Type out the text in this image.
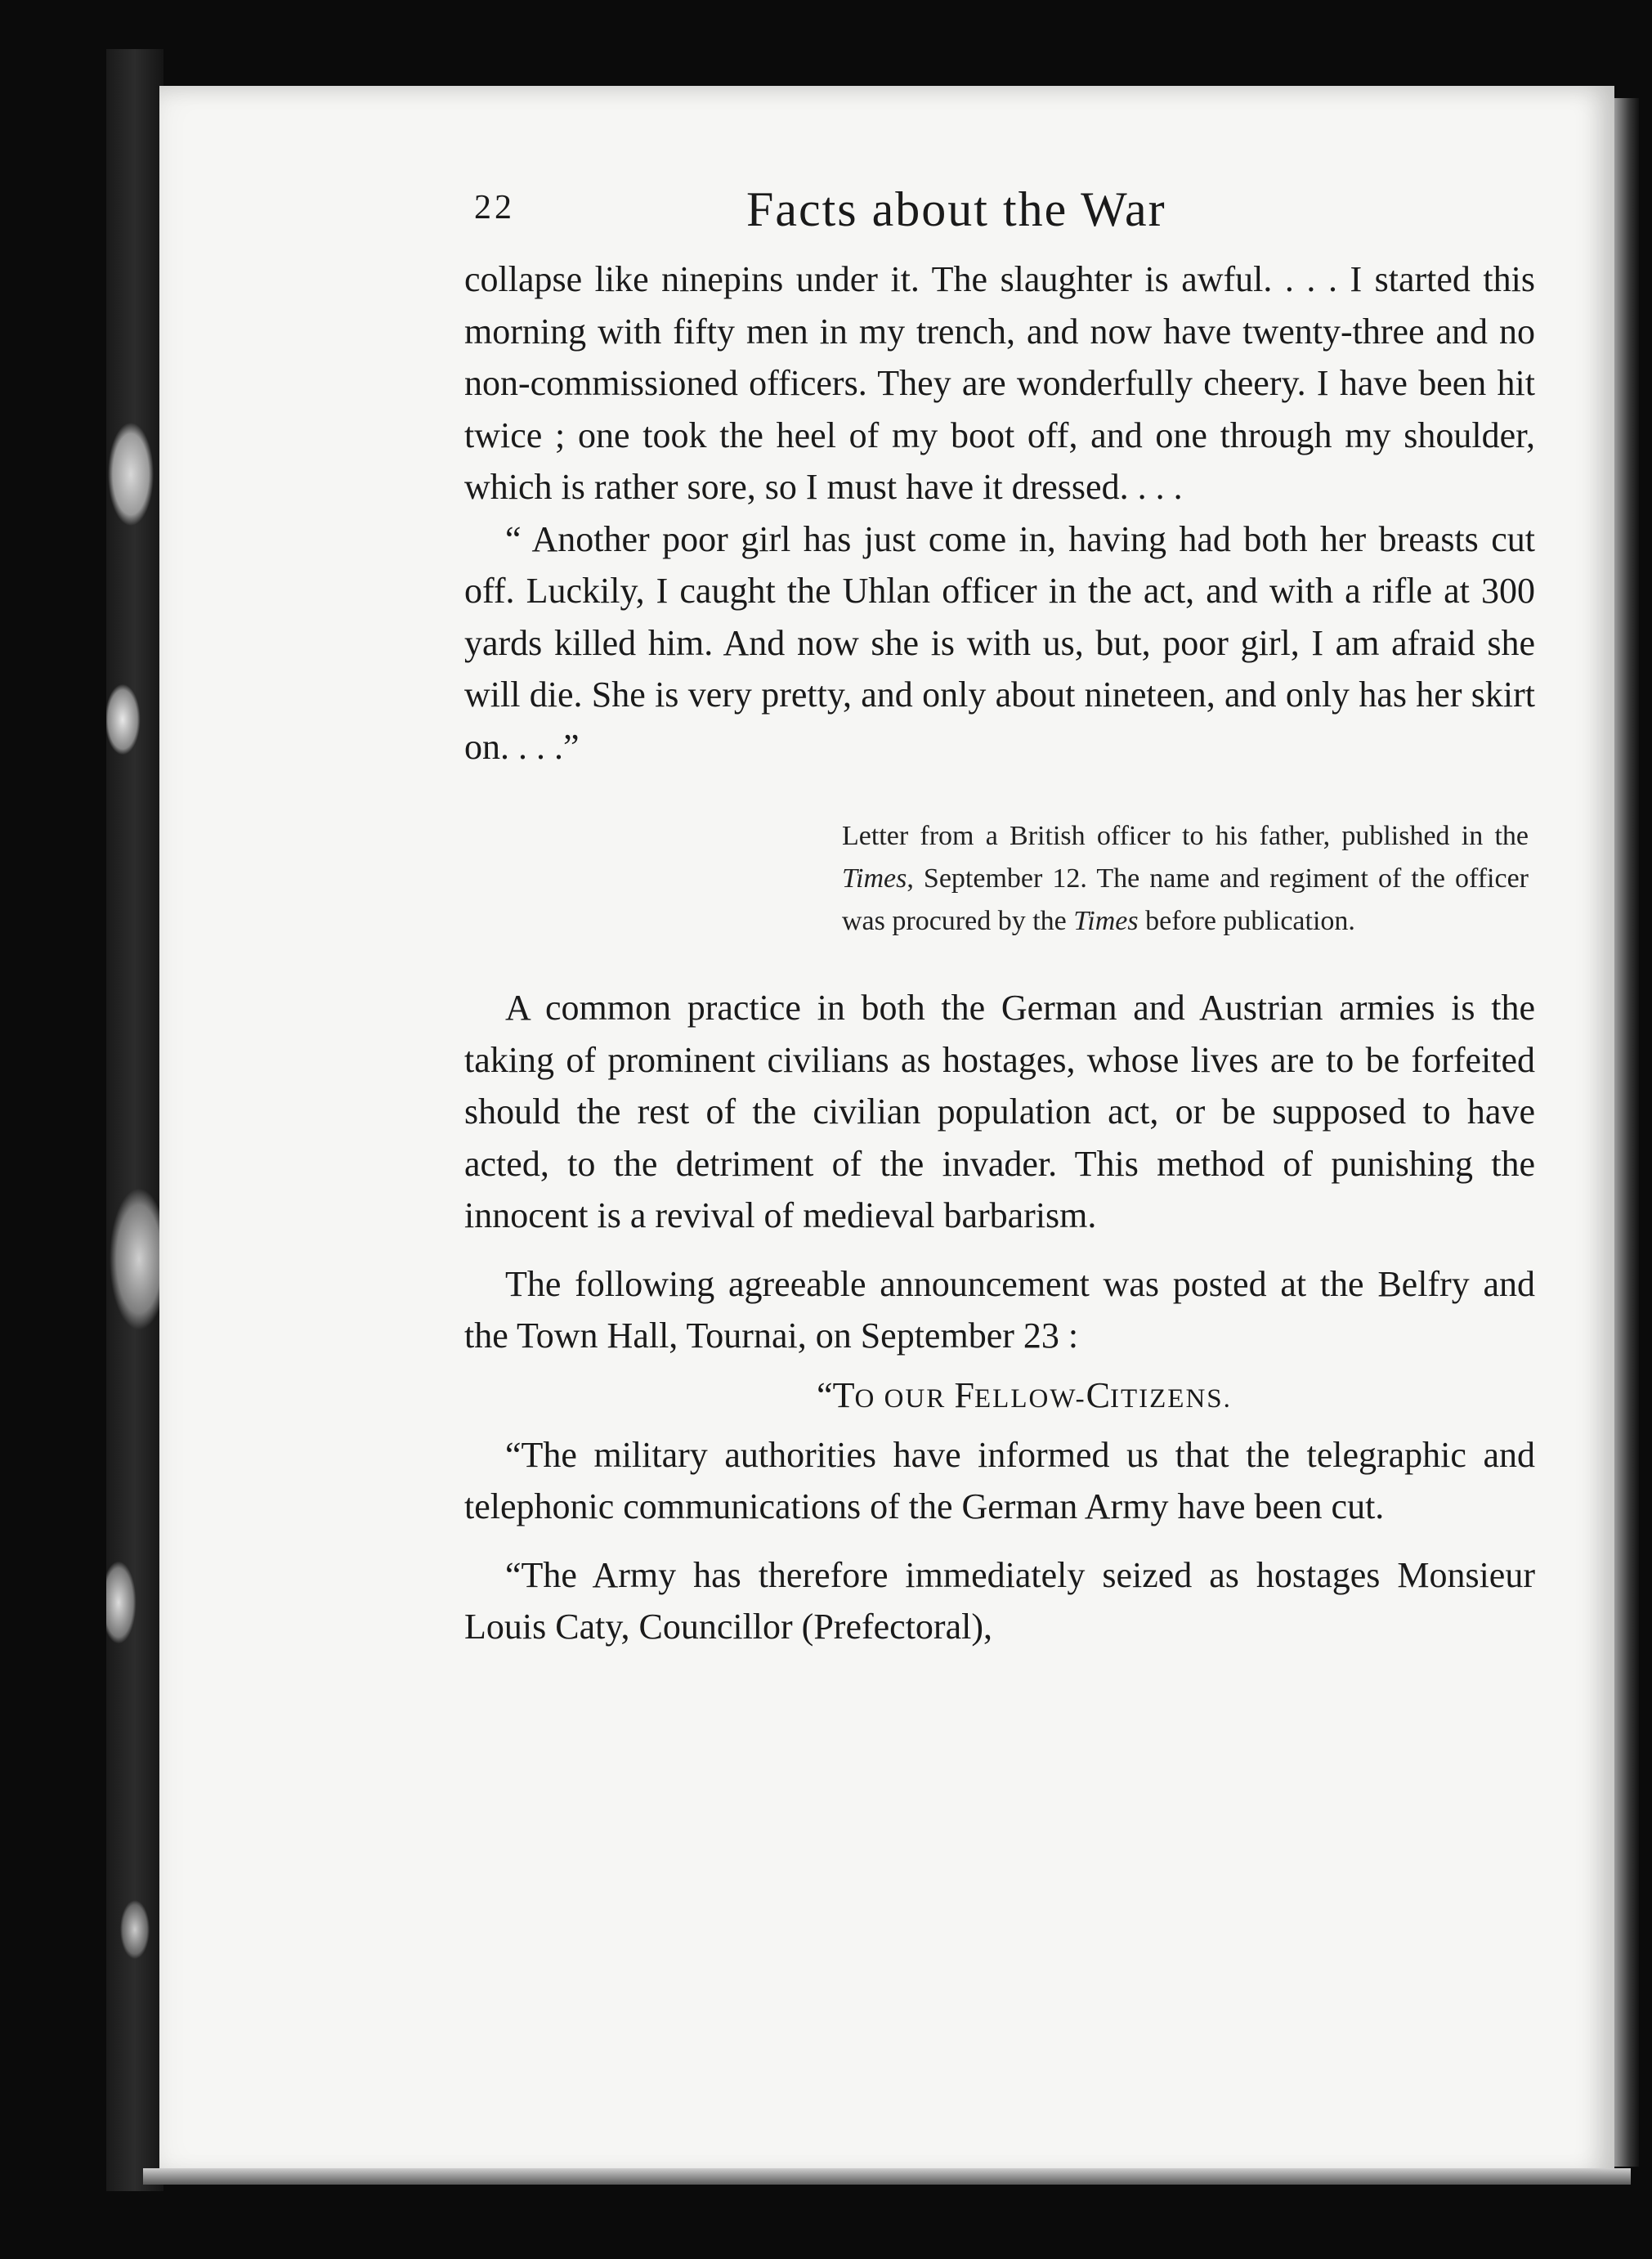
22	Facts about the War

collapse like ninepins under it. The slaughter is awful. . . . I started this morning with fifty men in my trench, and now have twenty-three and no non-commissioned officers. They are wonderfully cheery. I have been hit twice ; one took the heel of my boot off, and one through my shoulder, which is rather sore, so I must have it dressed. . . .

“ Another poor girl has just come in, having had both her breasts cut off. Luckily, I caught the Uhlan officer in the act, and with a rifle at 300 yards killed him. And now she is with us, but, poor girl, I am afraid she will die. She is very pretty, and only about nineteen, and only has her skirt on. . . .”

Letter from a British officer to his father, published in the Times, September 12. The name and regiment of the officer was procured by the Times before publication.

A common practice in both the German and Austrian armies is the taking of prominent civilians as hostages, whose lives are to be forfeited should the rest of the civilian population act, or be supposed to have acted, to the detriment of the invader. This method of punishing the innocent is a revival of medieval barbarism.

The following agreeable announcement was posted at the Belfry and the Town Hall, Tournai, on September 23 :

“TO OUR FELLOW-CITIZENS.

“The military authorities have informed us that the telegraphic and telephonic communications of the German Army have been cut.

“The Army has therefore immediately seized as hostages Monsieur Louis Caty, Councillor (Prefectoral),
